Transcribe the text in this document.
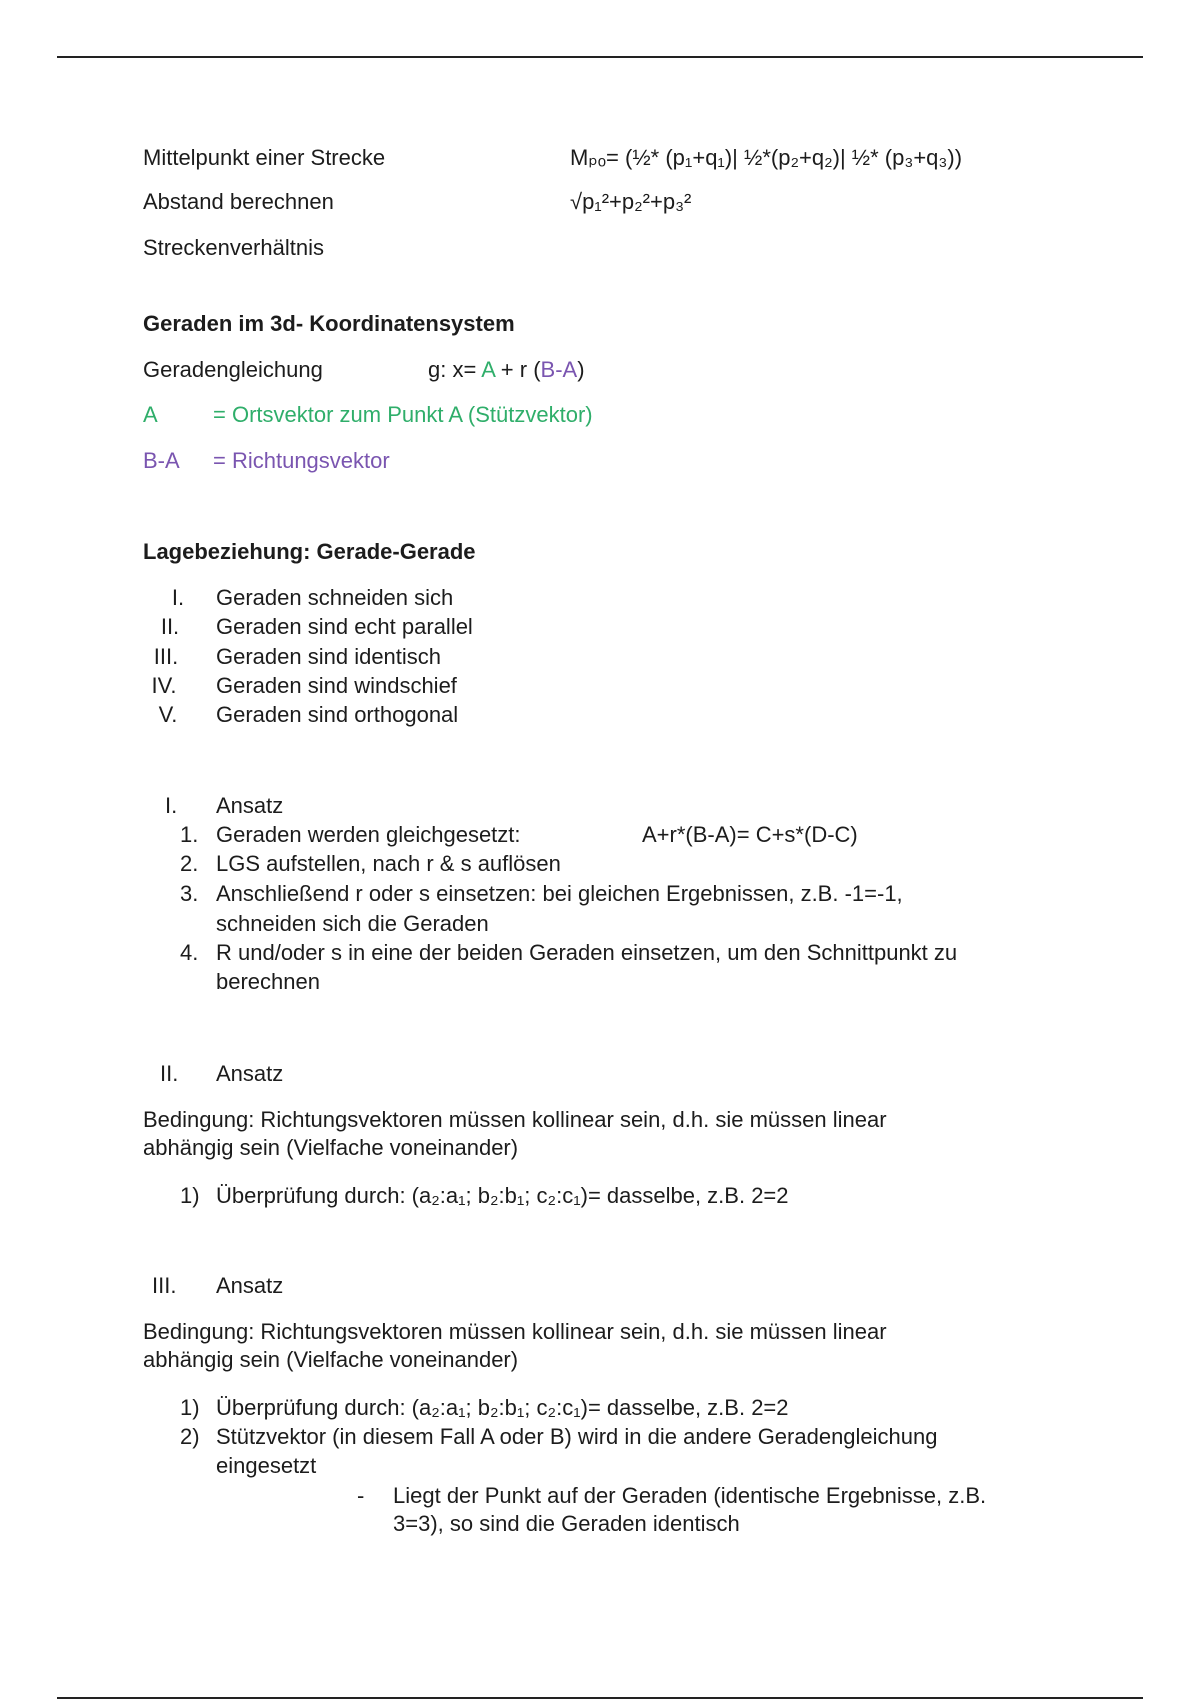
Mittelpunkt einer Strecke	Mₚₒ= (½* (p₁+q₁)| ½*(p₂+q₂)| ½* (p₃+q₃))
Abstand berechnen	√p₁²+p₂²+p₃²
Streckenverhältnis
Geraden im 3d- Koordinatensystem
Geradengleichung	g: x= A + r (B-A)
A	= Ortsvektor zum Punkt A (Stützvektor)
B-A = Richtungsvektor
Lagebeziehung: Gerade-Gerade
I.	Geraden schneiden sich
II. Geraden sind echt parallel
III. Geraden sind identisch
IV. Geraden sind windschief
V. Geraden sind orthogonal
I. Ansatz
1. Geraden werden gleichgesetzt:	A+r*(B-A)= C+s*(D-C)
2. LGS aufstellen, nach r & s auflösen
3. Anschließend r oder s einsetzen: bei gleichen Ergebnissen, z.B. -1=-1,
schneiden sich die Geraden
4. R und/oder s in eine der beiden Geraden einsetzen, um den Schnittpunkt zu
berechnen
II. Ansatz
Bedingung: Richtungsvektoren müssen kollinear sein, d.h. sie müssen linear
abhängig sein (Vielfache voneinander)
1) Überprüfung durch: (a₂:a₁; b₂:b₁; c₂:c₁)= dasselbe, z.B. 2=2
III. Ansatz
Bedingung: Richtungsvektoren müssen kollinear sein, d.h. sie müssen linear
abhängig sein (Vielfache voneinander)
1) Überprüfung durch: (a₂:a₁; b₂:b₁; c₂:c₁)= dasselbe, z.B. 2=2
2) Stützvektor (in diesem Fall A oder B) wird in die andere Geradengleichung
eingesetzt
- Liegt der Punkt auf der Geraden (identische Ergebnisse, z.B.
3=3), so sind die Geraden identisch
